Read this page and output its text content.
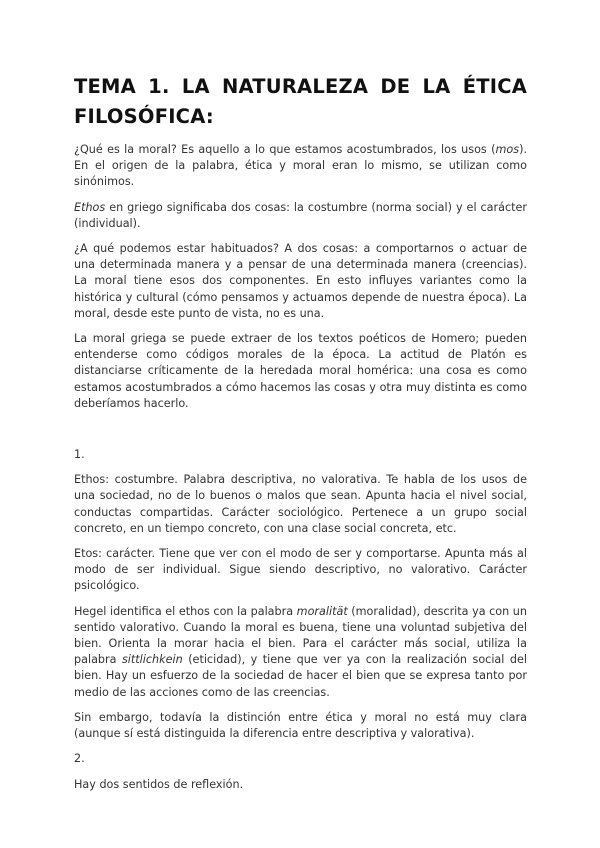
TEMA 1. LA NATURALEZA DE LA ÉTICA FILOSÓFICA:

¿Qué es la moral? Es aquello a lo que estamos acostumbrados, los usos (mos). En el origen de la palabra, ética y moral eran lo mismo, se utilizan como sinónimos.

Ethos en griego significaba dos cosas: la costumbre (norma social) y el carácter (individual).

¿A qué podemos estar habituados? A dos cosas: a comportarnos o actuar de una determinada manera y a pensar de una determinada manera (creencias). La moral tiene esos dos componentes. En esto influyes variantes como la histórica y cultural (cómo pensamos y actuamos depende de nuestra época). La moral, desde este punto de vista, no es una.

La moral griega se puede extraer de los textos poéticos de Homero; pueden entenderse como códigos morales de la época. La actitud de Platón es distanciarse críticamente de la heredada moral homérica: una cosa es como estamos acostumbrados a cómo hacemos las cosas y otra muy distinta es como deberíamos hacerlo.

1.

Ethos: costumbre. Palabra descriptiva, no valorativa. Te habla de los usos de una sociedad, no de lo buenos o malos que sean. Apunta hacia el nivel social, conductas compartidas. Carácter sociológico. Pertenece a un grupo social concreto, en un tiempo concreto, con una clase social concreta, etc.

Etos: carácter. Tiene que ver con el modo de ser y comportarse. Apunta más al modo de ser individual. Sigue siendo descriptivo, no valorativo. Carácter psicológico.

Hegel identifica el ethos con la palabra moralität (moralidad), descrita ya con un sentido valorativo. Cuando la moral es buena, tiene una voluntad subjetiva del bien. Orienta la morar hacia el bien. Para el carácter más social, utiliza la palabra sittlichkein (eticidad), y tiene que ver ya con la realización social del bien. Hay un esfuerzo de la sociedad de hacer el bien que se expresa tanto por medio de las acciones como de las creencias.

Sin embargo, todavía la distinción entre ética y moral no está muy clara (aunque sí está distinguida la diferencia entre descriptiva y valorativa).

2.

Hay dos sentidos de reflexión.
